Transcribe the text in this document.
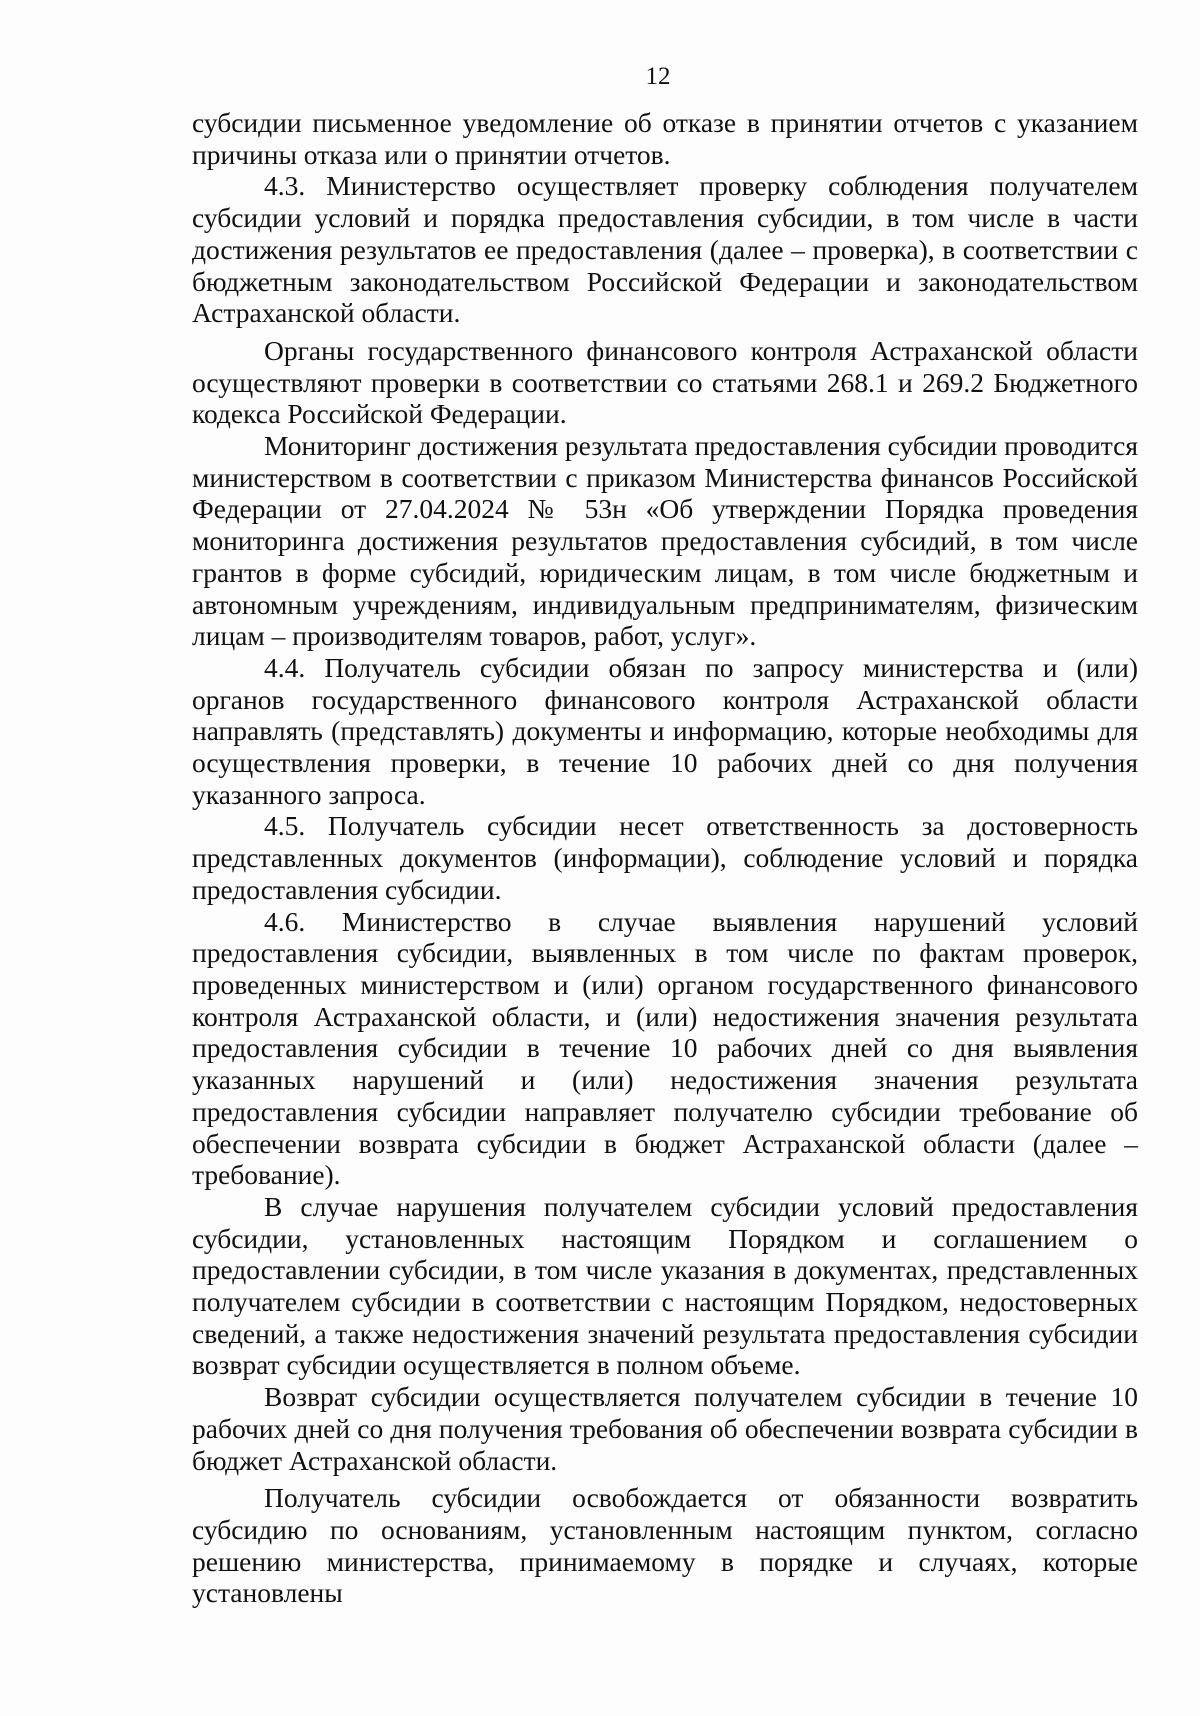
12

субсидии письменное уведомление об отказе в принятии отчетов с указанием причины отказа или о принятии отчетов.

4.3. Министерство осуществляет проверку соблюдения получателем субсидии условий и порядка предоставления субсидии, в том числе в части достижения результатов ее предоставления (далее – проверка), в соответствии с бюджетным законодательством Российской Федерации и законодательством Астраханской области.

Органы государственного финансового контроля Астраханской области осуществляют проверки в соответствии со статьями 268.1 и 269.2 Бюджетного кодекса Российской Федерации.

Мониторинг достижения результата предоставления субсидии проводится министерством в соответствии с приказом Министерства финансов Российской Федерации от 27.04.2024 № 53н «Об утверждении Порядка проведения мониторинга достижения результатов предоставления субсидий, в том числе грантов в форме субсидий, юридическим лицам, в том числе бюджетным и автономным учреждениям, индивидуальным предпринимателям, физическим лицам – производителям товаров, работ, услуг».

4.4. Получатель субсидии обязан по запросу министерства и (или) органов государственного финансового контроля Астраханской области направлять (представлять) документы и информацию, которые необходимы для осуществления проверки, в течение 10 рабочих дней со дня получения указанного запроса.

4.5. Получатель субсидии несет ответственность за достоверность представленных документов (информации), соблюдение условий и порядка предоставления субсидии.

4.6. Министерство в случае выявления нарушений условий предоставления субсидии, выявленных в том числе по фактам проверок, проведенных министерством и (или) органом государственного финансового контроля Астраханской области, и (или) недостижения значения результата предоставления субсидии в течение 10 рабочих дней со дня выявления указанных нарушений и (или) недостижения значения результата предоставления субсидии направляет получателю субсидии требование об обеспечении возврата субсидии в бюджет Астраханской области (далее – требование).

В случае нарушения получателем субсидии условий предоставления субсидии, установленных настоящим Порядком и соглашением о предоставлении субсидии, в том числе указания в документах, представленных получателем субсидии в соответствии с настоящим Порядком, недостоверных сведений, а также недостижения значений результата предоставления субсидии возврат субсидии осуществляется в полном объеме.

Возврат субсидии осуществляется получателем субсидии в течение 10 рабочих дней со дня получения требования об обеспечении возврата субсидии в бюджет Астраханской области.

Получатель субсидии освобождается от обязанности возвратить субсидию по основаниям, установленным настоящим пунктом, согласно решению министерства, принимаемому в порядке и случаях, которые установлены
